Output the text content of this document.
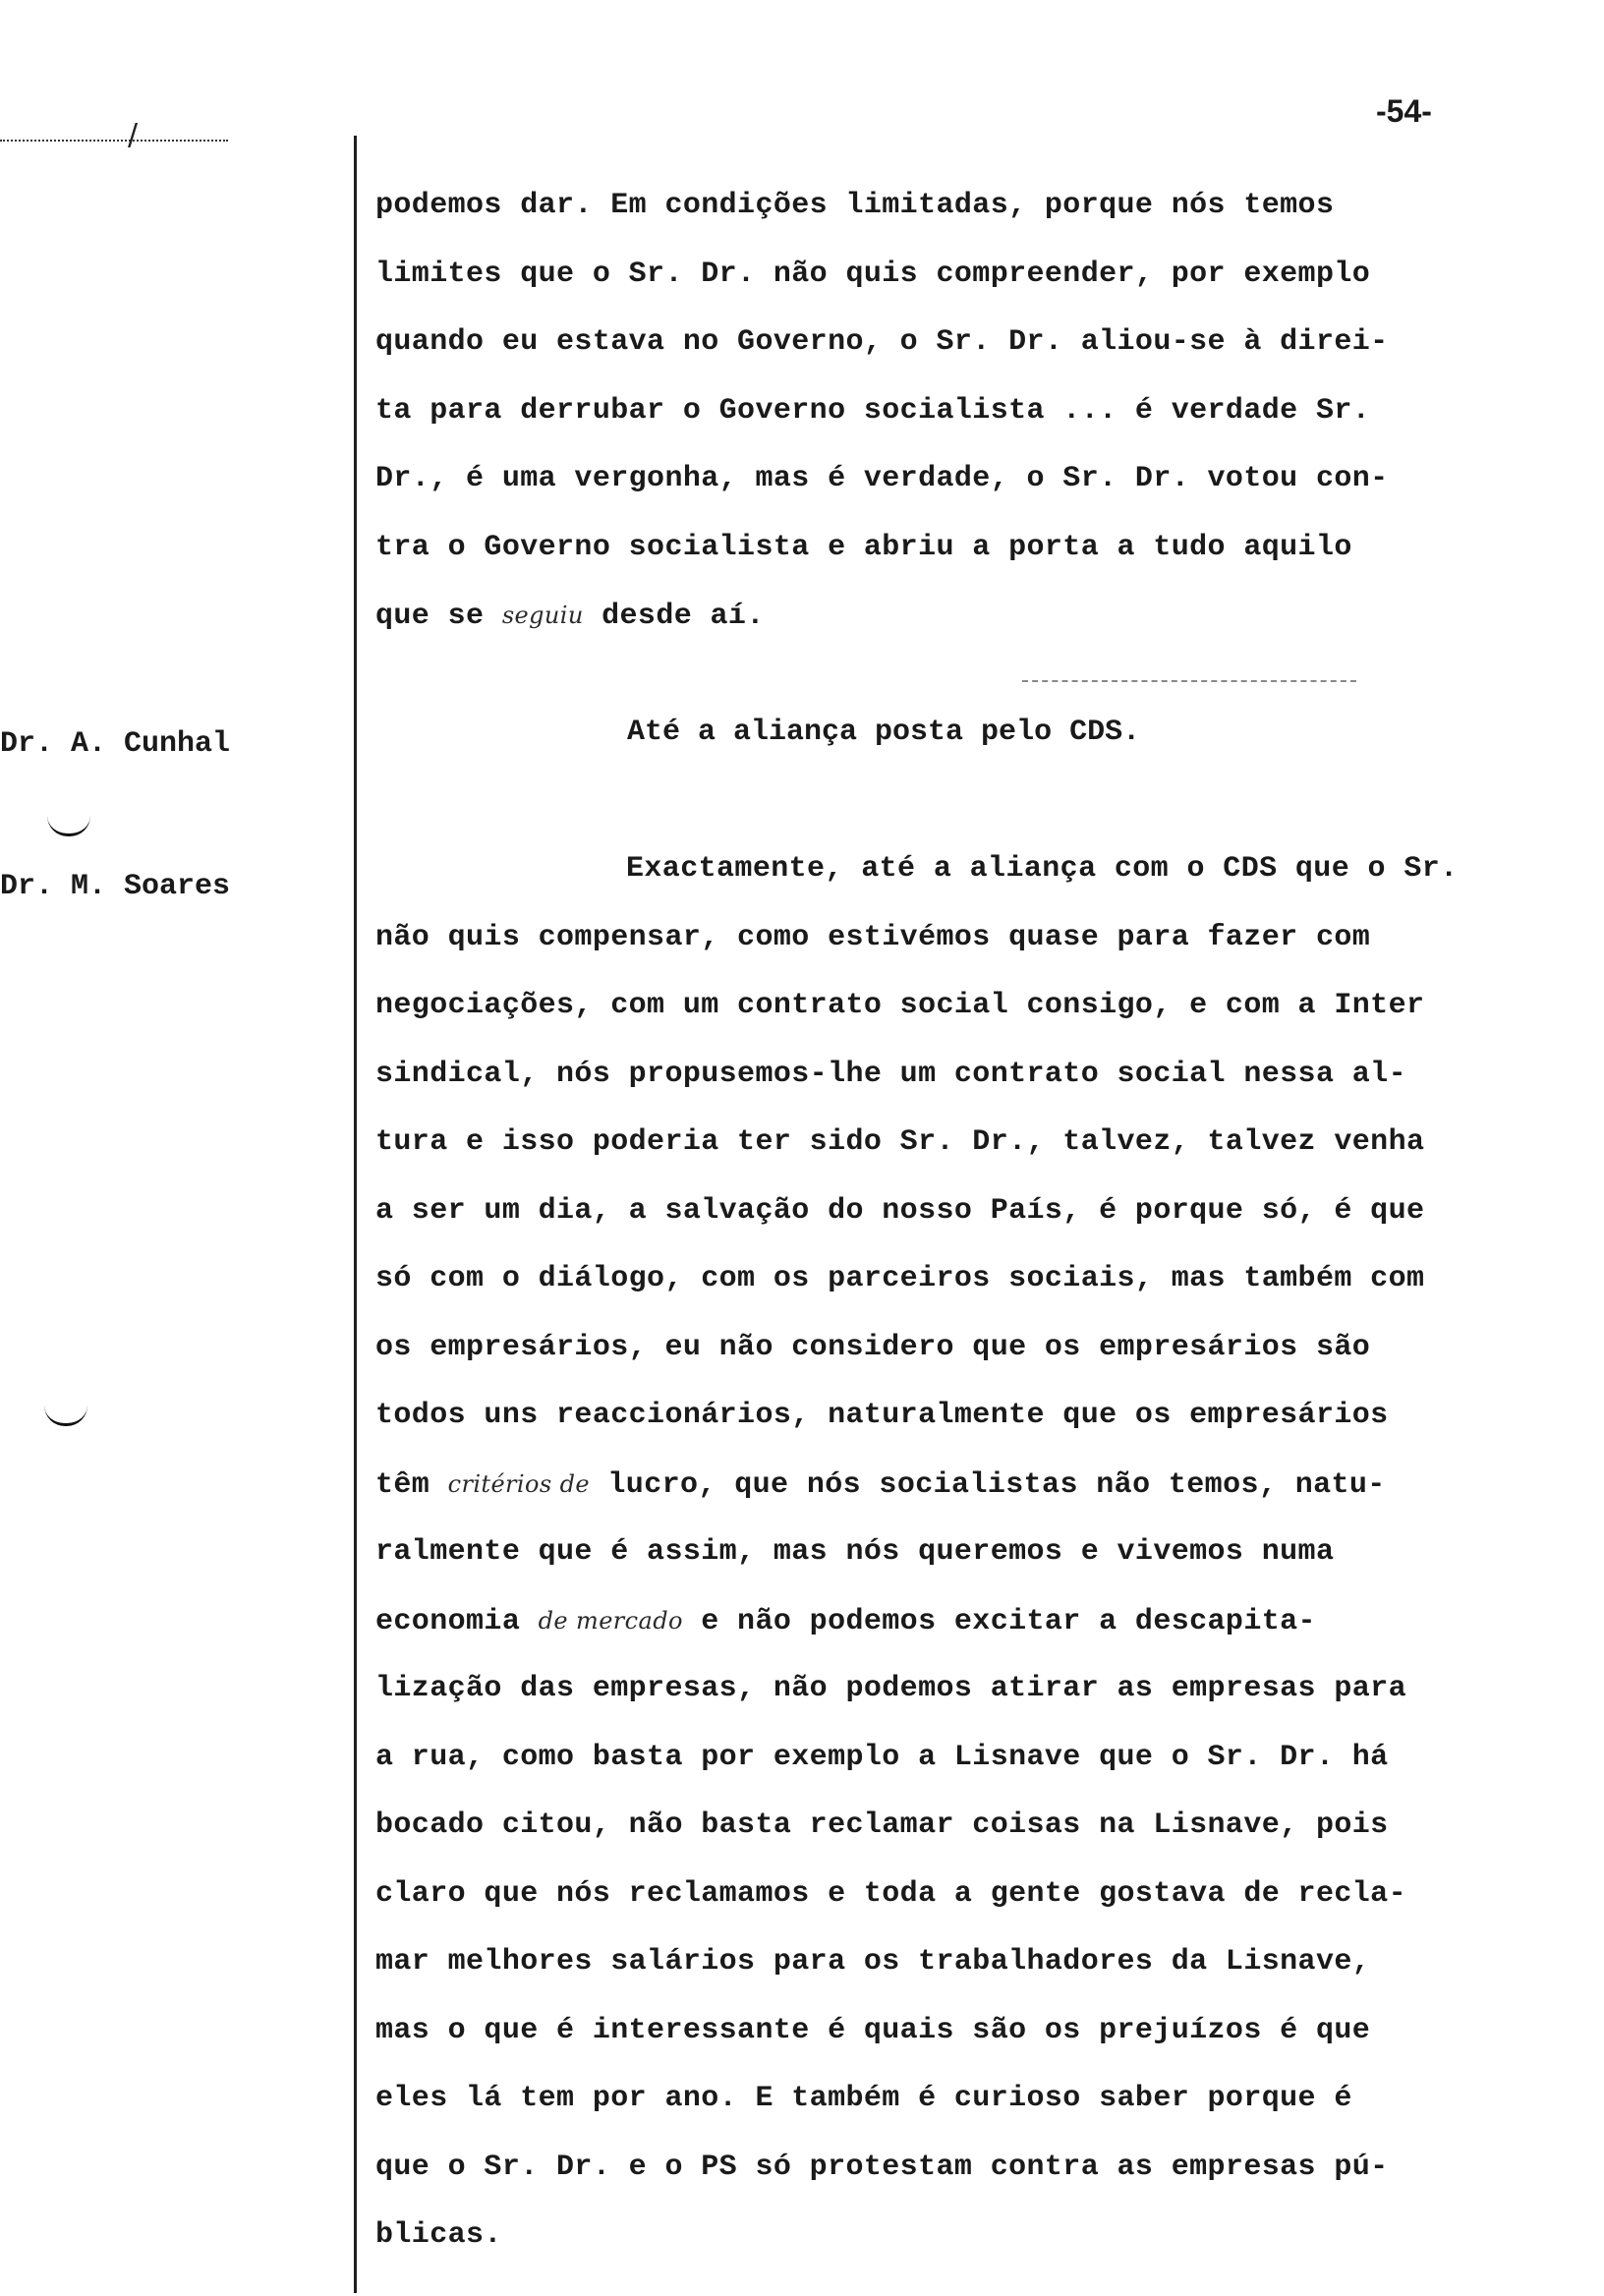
/
-54-
Dr. A. Cunhal
Dr. M. Soares
podemos dar. Em condições limitadas, porque nós temos
limites que o Sr. Dr. não quis compreender, por exemplo
quando eu estava no Governo, o Sr. Dr. aliou-se à direi-
ta para derrubar o Governo socialista ... é verdade Sr.
Dr., é uma vergonha, mas é verdade, o Sr. Dr. votou con-
tra o Governo socialista e abriu a porta a tudo aquilo
que se seguiu desde aí.
Até a aliança posta pelo CDS.
Exactamente, até a aliança com o CDS que o Sr.
não quis compensar, como estivémos quase para fazer com
negociações, com um contrato social consigo, e com a Inter
sindical, nós propusemos-lhe um contrato social nessa al-
tura e isso poderia ter sido Sr. Dr., talvez, talvez venha
a ser um dia, a salvação do nosso País, é porque só, é que
só com o diálogo, com os parceiros sociais, mas também com
os empresários, eu não considero que os empresários são
todos uns reaccionários, naturalmente que os empresários
têm critérios de lucro, que nós socialistas não temos, natu-
ralmente que é assim, mas nós queremos e vivemos numa
economia de mercado e não podemos excitar a descapita-
lização das empresas, não podemos atirar as empresas para
a rua, como basta por exemplo a Lisnave que o Sr. Dr. há
bocado citou, não basta reclamar coisas na Lisnave, pois
claro que nós reclamamos e toda a gente gostava de recla-
mar melhores salários para os trabalhadores da Lisnave,
mas o que é interessante é quais são os prejuízos é que
eles lá tem por ano. E também é curioso saber porque é
que o Sr. Dr. e o PS só protestam contra as empresas pú-
blicas.
